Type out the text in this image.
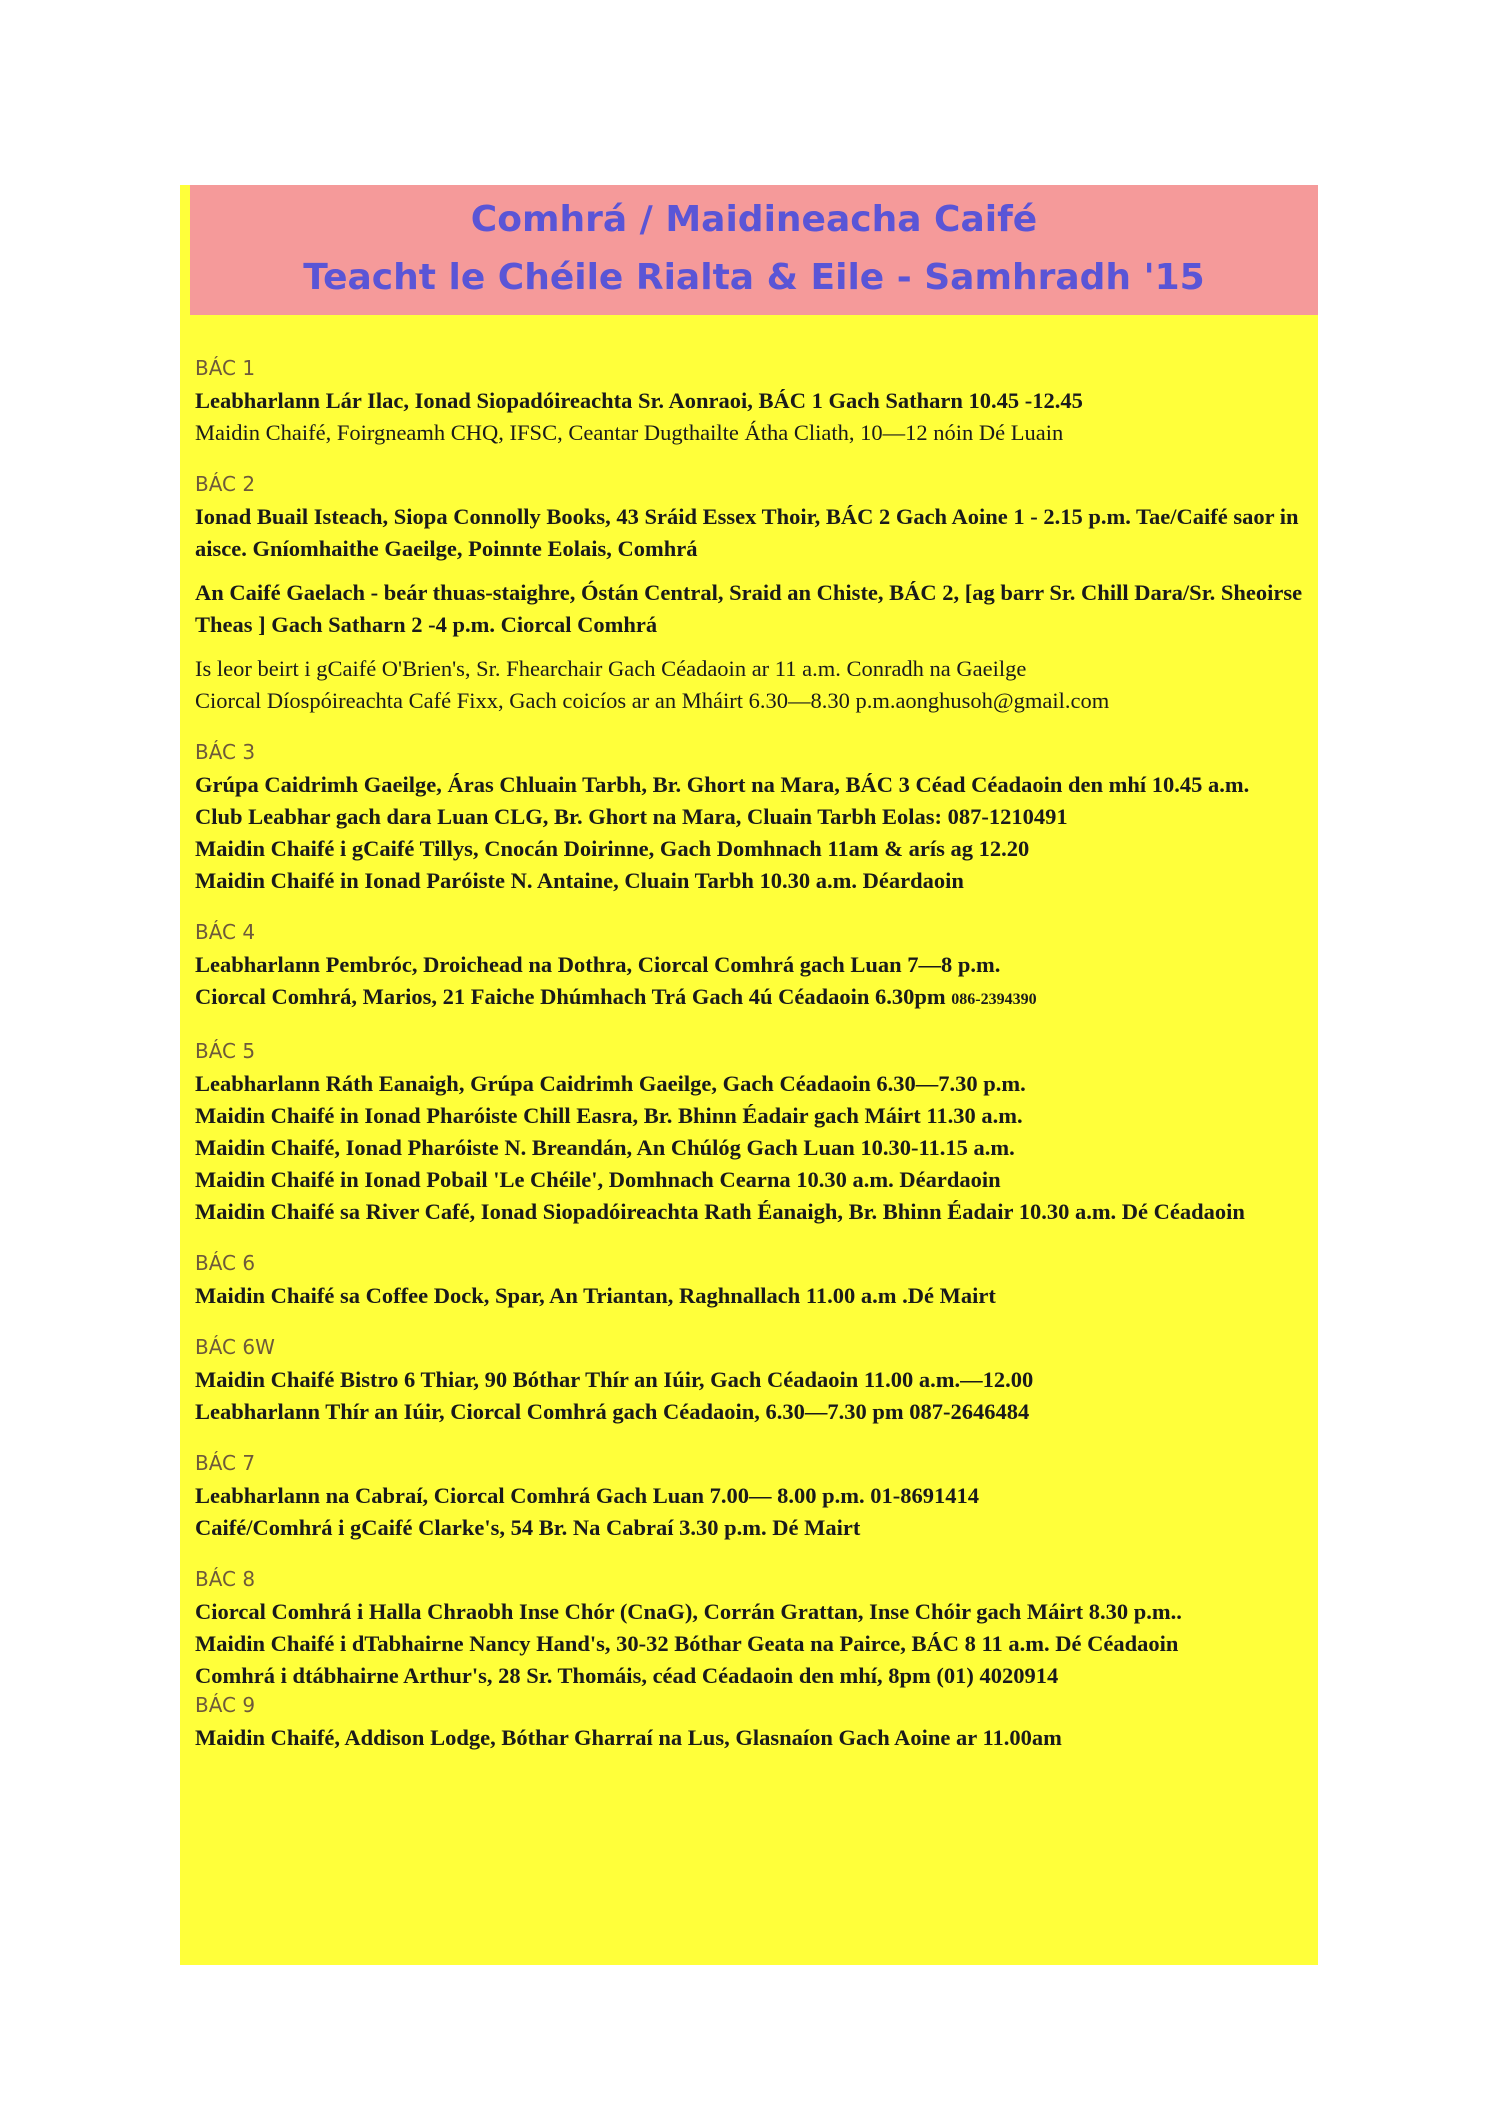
Comhrá / Maidineacha Caifé
Teacht le Chéile Rialta & Eile - Samhradh '15
BÁC 1

Leabharlann Lár Ilac, Ionad Siopadóireachta Sr. Aonraoi, BÁC 1 Gach Satharn 10.45 -12.45

Maidin Chaifé, Foirgneamh CHQ, IFSC, Ceantar Dugthailte Átha Cliath, 10—12 nóin Dé Luain

BÁC 2

Ionad Buail Isteach, Siopa Connolly Books, 43 Sráid Essex Thoir, BÁC 2 Gach Aoine 1 - 2.15 p.m. Tae/Caifé saor in aisce. Gníomhaithe Gaeilge, Poinnte Eolais, Comhrá

An Caifé Gaelach - beár thuas-staighre, Óstán Central, Sraid an Chiste, BÁC 2, [ag barr Sr. Chill Dara/Sr. Sheoirse Theas ] Gach Satharn 2 -4 p.m. Ciorcal Comhrá

Is leor beirt i gCaifé O'Brien's, Sr. Fhearchair Gach Céadaoin ar 11 a.m. Conradh na Gaeilge

Ciorcal Díospóireachta Café Fixx, Gach coicíos ar an Mháirt 6.30—8.30 p.m.aonghusoh@gmail.com

BÁC 3

Grúpa Caidrimh Gaeilge, Áras Chluain Tarbh, Br. Ghort na Mara, BÁC 3 Céad Céadaoin den mhí 10.45 a.m.

Club Leabhar gach dara Luan CLG, Br. Ghort na Mara, Cluain Tarbh Eolas: 087-1210491

Maidin Chaifé i gCaifé Tillys, Cnocán Doirinne, Gach Domhnach 11am & arís ag 12.20

Maidin Chaifé in Ionad Paróiste N. Antaine, Cluain Tarbh 10.30 a.m. Déardaoin

BÁC 4

Leabharlann Pembróc, Droichead na Dothra, Ciorcal Comhrá gach Luan 7—8 p.m.

Ciorcal Comhrá, Marios, 21 Faiche Dhúmhach Trá Gach 4ú Céadaoin 6.30pm 086-2394390

BÁC 5

Leabharlann Ráth Eanaigh, Grúpa Caidrimh Gaeilge, Gach Céadaoin 6.30—7.30 p.m.

Maidin Chaifé in Ionad Pharóiste Chill Easra, Br. Bhinn Éadair gach Máirt 11.30 a.m.

Maidin Chaifé, Ionad Pharóiste N. Breandán, An Chúlóg Gach Luan 10.30-11.15 a.m.

Maidin Chaifé in Ionad Pobail 'Le Chéile', Domhnach Cearna 10.30 a.m. Déardaoin

Maidin Chaifé sa River Café, Ionad Siopadóireachta Rath Éanaigh, Br. Bhinn Éadair 10.30 a.m. Dé Céadaoin

BÁC 6

Maidin Chaifé sa Coffee Dock, Spar, An Triantan, Raghnallach 11.00 a.m .Dé Mairt

BÁC 6W

Maidin Chaifé Bistro 6 Thiar, 90 Bóthar Thír an Iúir, Gach Céadaoin 11.00 a.m.—12.00

Leabharlann Thír an Iúir, Ciorcal Comhrá gach Céadaoin, 6.30—7.30 pm 087-2646484

BÁC 7

Leabharlann na Cabraí, Ciorcal Comhrá Gach Luan 7.00— 8.00 p.m. 01-8691414

Caifé/Comhrá i gCaifé Clarke's, 54 Br. Na Cabraí 3.30 p.m. Dé Mairt

BÁC 8

Ciorcal Comhrá i Halla Chraobh Inse Chór (CnaG), Corrán Grattan, Inse Chóir gach Máirt 8.30 p.m..

Maidin Chaifé i dTabhairne Nancy Hand's, 30-32 Bóthar Geata na Pairce, BÁC 8 11 a.m. Dé Céadaoin

Comhrá i dtábhairne Arthur's, 28 Sr. Thomáis, céad Céadaoin den mhí, 8pm (01) 4020914

BÁC 9

Maidin Chaifé, Addison Lodge, Bóthar Gharraí na Lus, Glasnaíon Gach Aoine ar 11.00am
